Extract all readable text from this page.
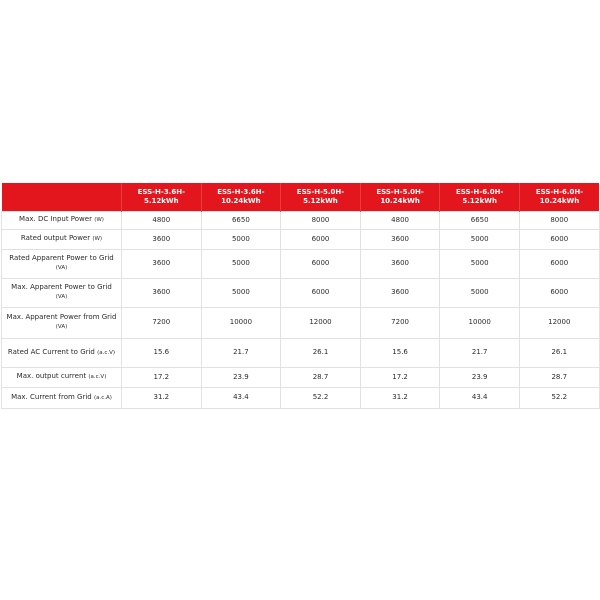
	ESS-H-3.6H-5.12kWh	ESS-H-3.6H-10.24kWh	ESS-H-5.0H-5.12kWh	ESS-H-5.0H-10.24kWh	ESS-H-6.0H-5.12kWh	ESS-H-6.0H-10.24kWh
Max. DC Input Power (W)	4800	6650	8000	4800	6650	8000
Rated output Power (W)	3600	5000	6000	3600	5000	6000
Rated Apparent Power to Grid (VA)	3600	5000	6000	3600	5000	6000
Max. Apparent Power to Grid (VA)	3600	5000	6000	3600	5000	6000
Max. Apparent Power from Grid (VA)	7200	10000	12000	7200	10000	12000
Rated AC Current to Grid (a.c.V)	15.6	21.7	26.1	15.6	21.7	26.1
Max. output current (a.c.V)	17.2	23.9	28.7	17.2	23.9	28.7
Max. Current from Grid (a.c.A)	31.2	43.4	52.2	31.2	43.4	52.2
